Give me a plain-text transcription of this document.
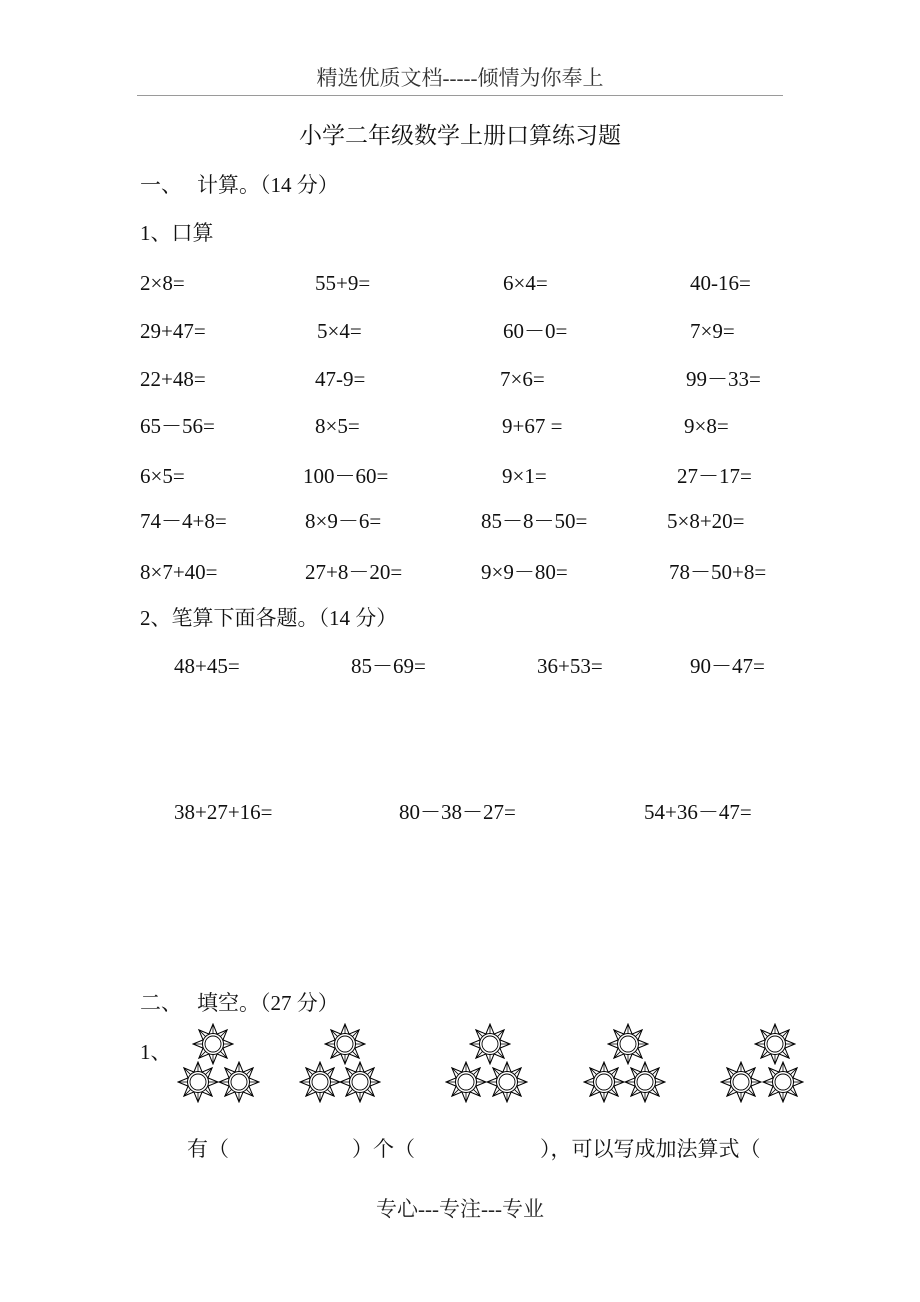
精选优质文档-----倾情为你奉上
小学二年级数学上册口算练习题
一、 计算。（14 分）
1、口算
2×8=	55+9=	6×4=	40-16=
29+47=	5×4=	60－0=	7×9=
22+48=	47-9=	7×6=	99－33=
65－56=	8×5=	9+67 =	9×8=
6×5=	100－60=	9×1=	27－17=
74－4+8=	8×9－6=	85－8－50=	5×8+20=
8×7+40=	27+8－20=	9×9－80=	78－50+8=
2、笔算下面各题。（14 分）
48+45=	85－69=	36+53=	90－47=
38+27+16=	80－38－27=	54+36－47=
二、 填空。（27 分）
1、
有（	）个（	），可以写成加法算式（
专心---专注---专业
